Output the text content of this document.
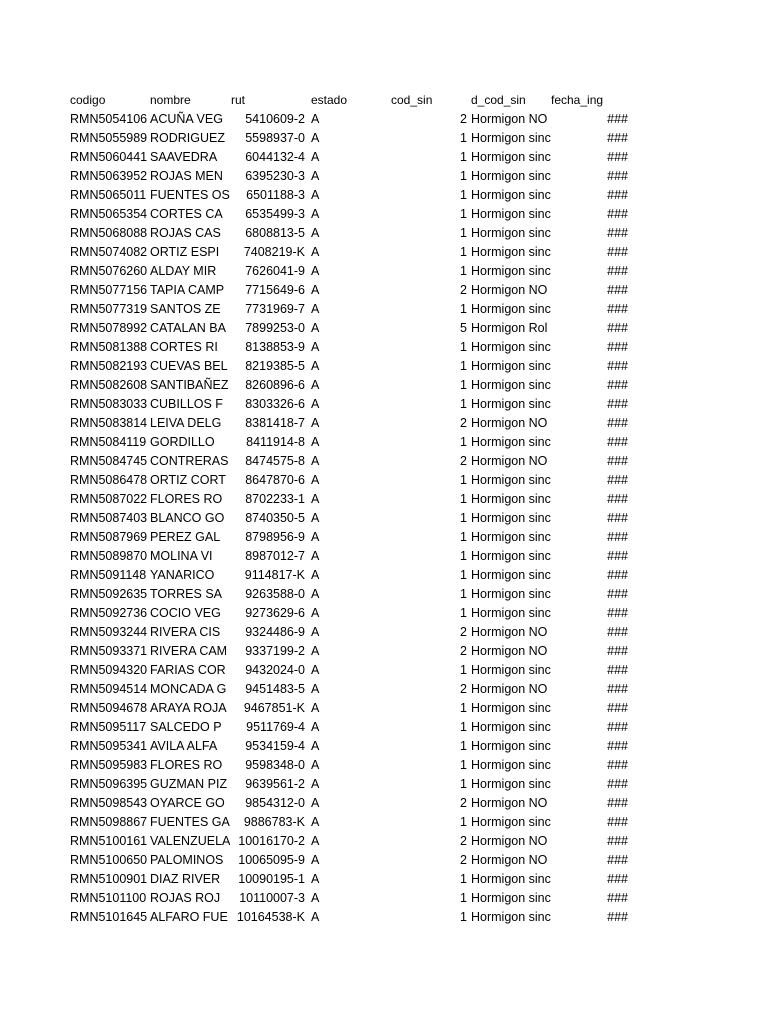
codigo	nombre	rut	estado	cod_sin	d_cod_sin	fecha_ing
RMN5054106 ACUÑA VEG	5410609-2 A	2 Hormigon NO	###
RMN5055989 RODRIGUEZ	5598937-0 A	1 Hormigon sinc	###
RMN5060441 SAAVEDRA	6044132-4 A	1 Hormigon sinc	###
RMN5063952 ROJAS MEN	6395230-3 A	1 Hormigon sinc	###
RMN5065011 FUENTES OS	6501188-3 A	1 Hormigon sinc	###
RMN5065354 CORTES CA	6535499-3 A	1 Hormigon sinc	###
RMN5068088 ROJAS CAS	6808813-5 A	1 Hormigon sinc	###
RMN5074082 ORTIZ ESPI	7408219-K A	1 Hormigon sinc	###
RMN5076260 ALDAY MIR	7626041-9 A	1 Hormigon sinc	###
RMN5077156 TAPIA CAMP	7715649-6 A	2 Hormigon NO	###
RMN5077319 SANTOS ZE	7731969-7 A	1 Hormigon sinc	###
RMN5078992 CATALAN BA	7899253-0 A	5 Hormigon Rol	###
RMN5081388 CORTES RI	8138853-9 A	1 Hormigon sinc	###
RMN5082193 CUEVAS BEL	8219385-5 A	1 Hormigon sinc	###
RMN5082608 SANTIBAÑEZ	8260896-6 A	1 Hormigon sinc	###
RMN5083033 CUBILLOS F	8303326-6 A	1 Hormigon sinc	###
RMN5083814 LEIVA DELG	8381418-7 A	2 Hormigon NO	###
RMN5084119 GORDILLO	8411914-8 A	1 Hormigon sinc	###
RMN5084745 CONTRERAS	8474575-8 A	2 Hormigon NO	###
RMN5086478 ORTIZ CORT	8647870-6 A	1 Hormigon sinc	###
RMN5087022 FLORES RO	8702233-1 A	1 Hormigon sinc	###
RMN5087403 BLANCO GO	8740350-5 A	1 Hormigon sinc	###
RMN5087969 PEREZ GAL	8798956-9 A	1 Hormigon sinc	###
RMN5089870 MOLINA VI	8987012-7 A	1 Hormigon sinc	###
RMN5091148 YANARICO	9114817-K A	1 Hormigon sinc	###
RMN5092635 TORRES SA	9263588-0 A	1 Hormigon sinc	###
RMN5092736 COCIO VEG	9273629-6 A	1 Hormigon sinc	###
RMN5093244 RIVERA CIS	9324486-9 A	2 Hormigon NO	###
RMN5093371 RIVERA CAM	9337199-2 A	2 Hormigon NO	###
RMN5094320 FARIAS COR	9432024-0 A	1 Hormigon sinc	###
RMN5094514 MONCADA G	9451483-5 A	2 Hormigon NO	###
RMN5094678 ARAYA ROJA	9467851-K A	1 Hormigon sinc	###
RMN5095117 SALCEDO P	9511769-4 A	1 Hormigon sinc	###
RMN5095341 AVILA ALFA	9534159-4 A	1 Hormigon sinc	###
RMN5095983 FLORES RO	9598348-0 A	1 Hormigon sinc	###
RMN5096395 GUZMAN PIZ	9639561-2 A	1 Hormigon sinc	###
RMN5098543 OYARCE GO	9854312-0 A	2 Hormigon NO	###
RMN5098867 FUENTES GA	9886783-K A	1 Hormigon sinc	###
RMN5100161 VALENZUELA 10016170-2 A	2 Hormigon NO	###
RMN5100650 PALOMINOS	10065095-9 A	2 Hormigon NO	###
RMN5100901 DIAZ RIVER	10090195-1 A	1 Hormigon sinc	###
RMN5101100 ROJAS ROJ	10110007-3 A	1 Hormigon sinc	###
RMN5101645 ALFARO FUE 10164538-K A	1 Hormigon sinc	###
